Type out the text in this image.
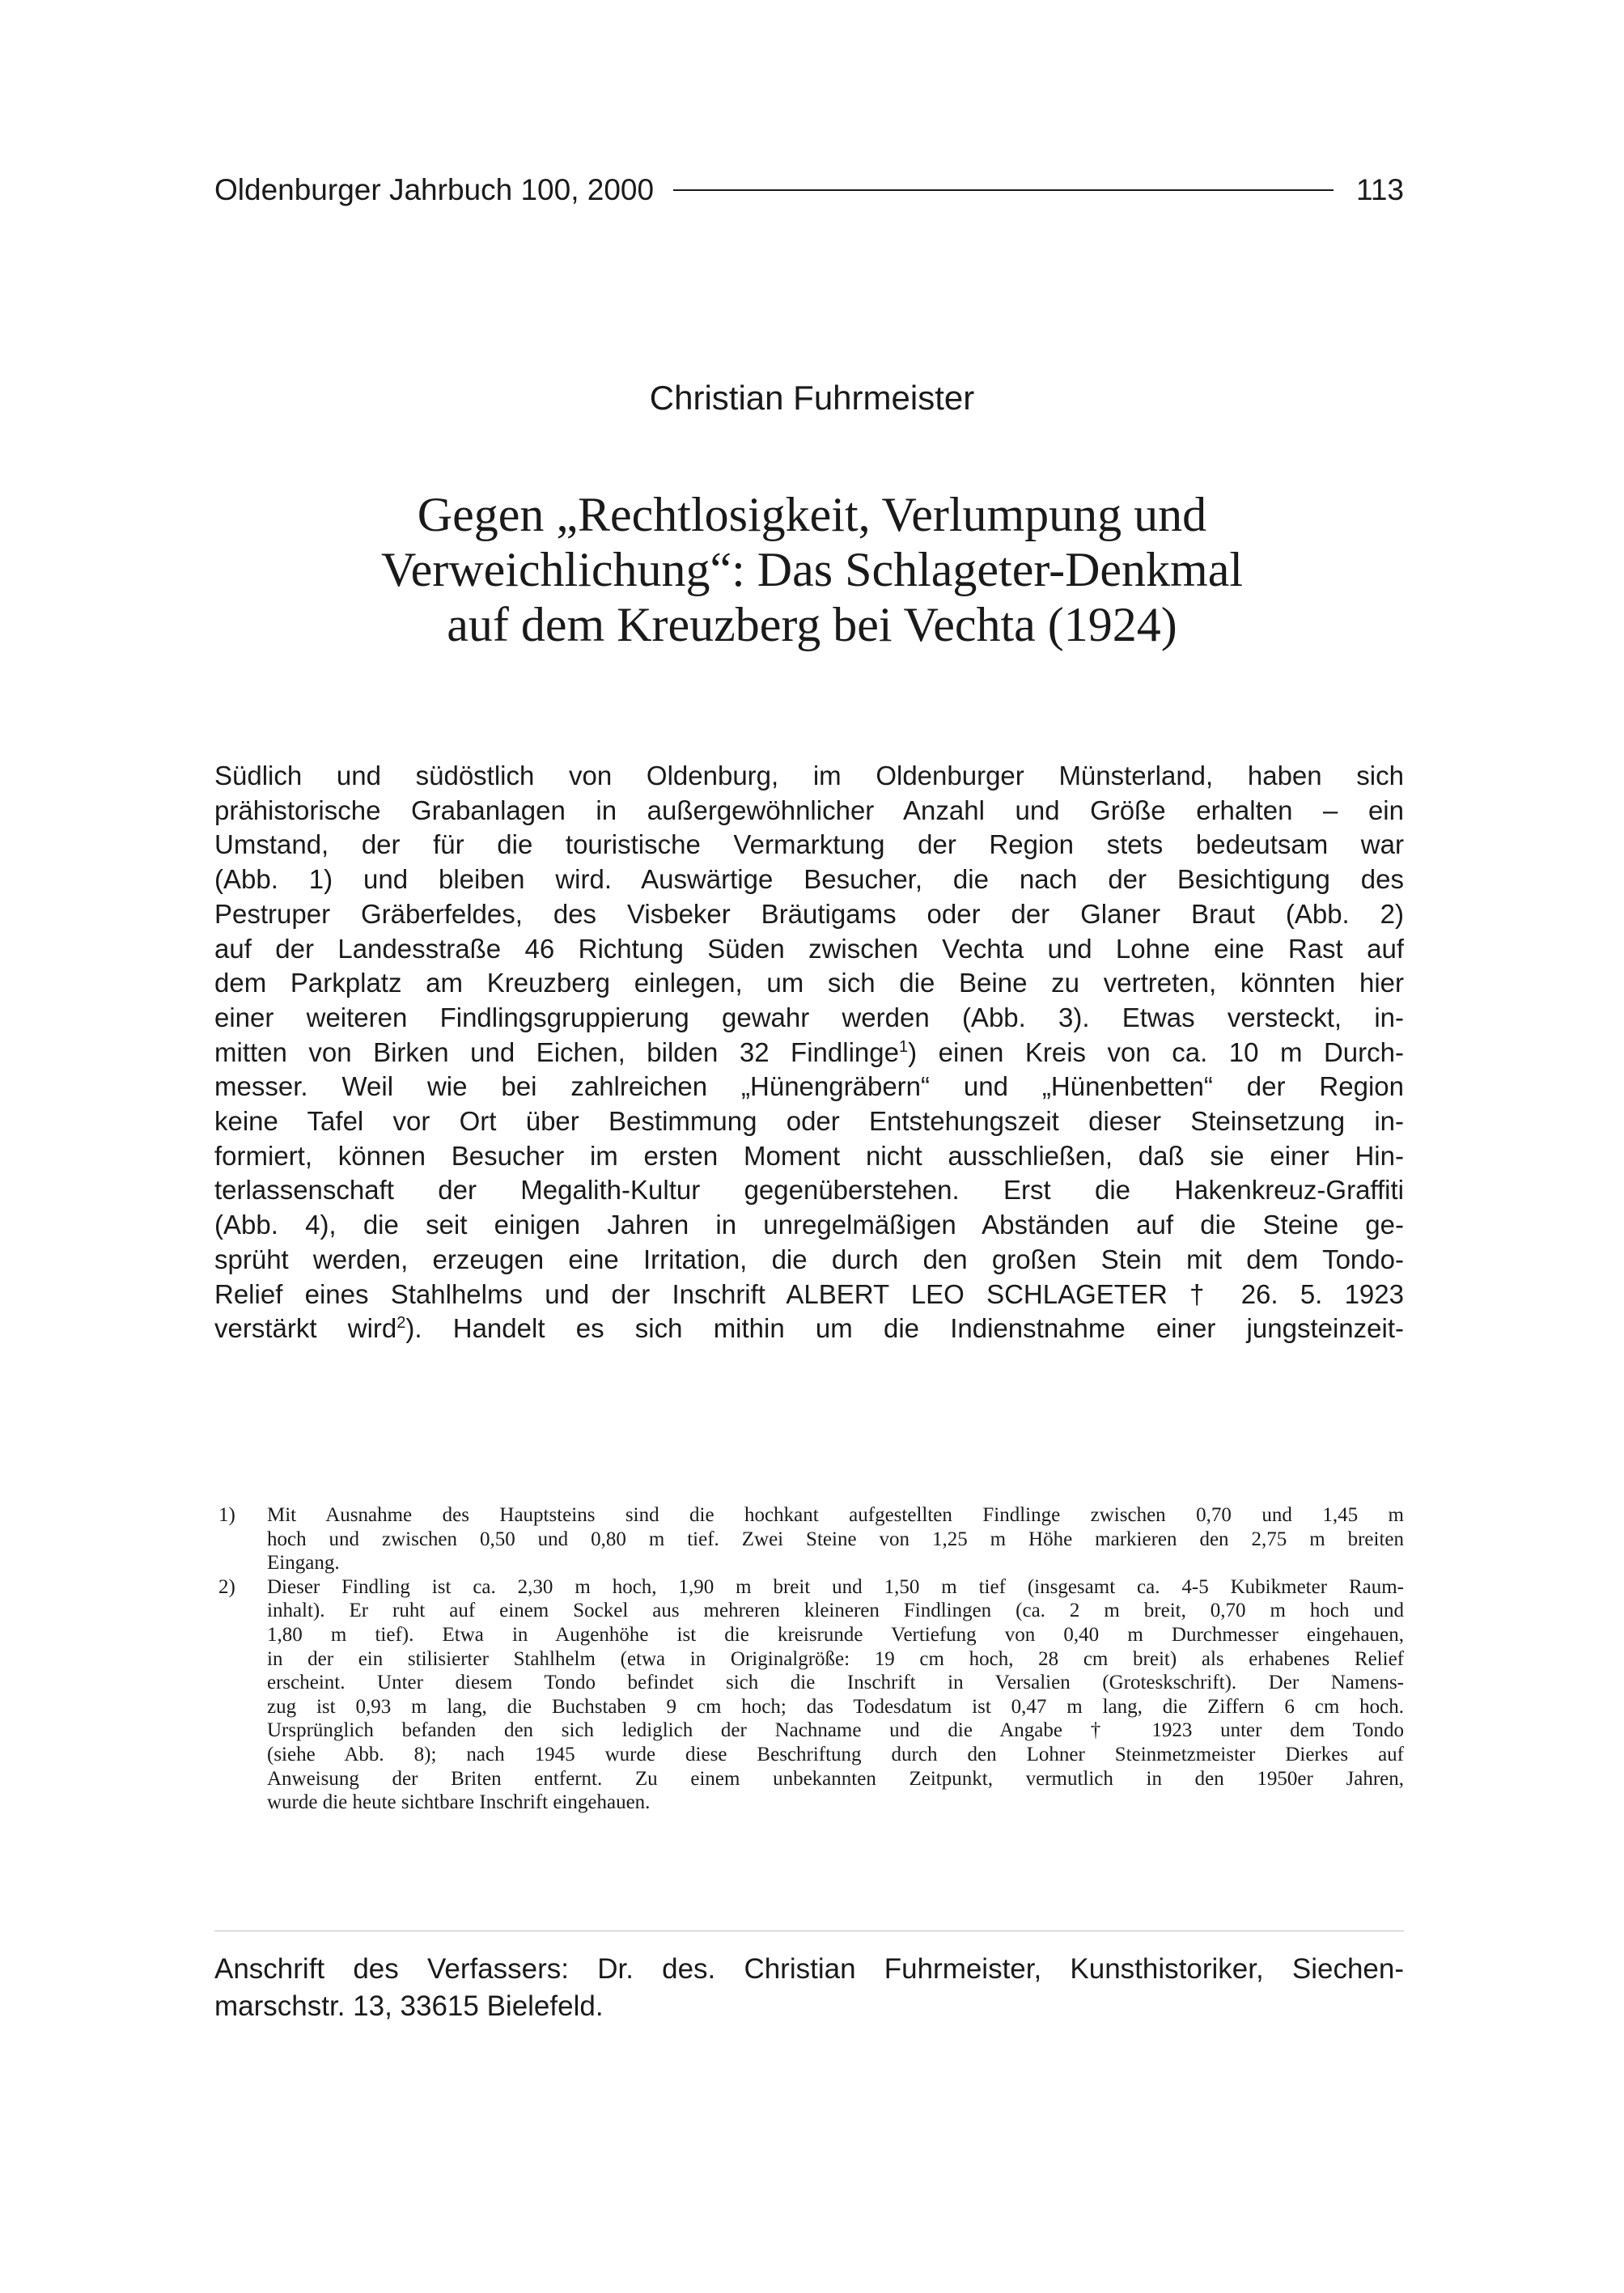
Oldenburger Jahrbuch 100, 2000	113
Christian Fuhrmeister
Gegen „Rechtlosigkeit, Verlumpung und
Verweichlichung“: Das Schlageter-Denkmal
auf dem Kreuzberg bei Vechta (1924)
Südlich und südöstlich von Oldenburg, im Oldenburger Münsterland, haben sich
prähistorische Grabanlagen in außergewöhnlicher Anzahl und Größe erhalten – ein
Umstand, der für die touristische Vermarktung der Region stets bedeutsam war
(Abb. 1) und bleiben wird. Auswärtige Besucher, die nach der Besichtigung des
Pestruper Gräberfeldes, des Visbeker Bräutigams oder der Glaner Braut (Abb. 2)
auf der Landesstraße 46 Richtung Süden zwischen Vechta und Lohne eine Rast auf
dem Parkplatz am Kreuzberg einlegen, um sich die Beine zu vertreten, könnten hier
einer weiteren Findlingsgruppierung gewahr werden (Abb. 3). Etwas versteckt, in-
mitten von Birken und Eichen, bilden 32 Findlinge$^1$) einen Kreis von ca. 10 m Durch-
messer. Weil wie bei zahlreichen „Hünengräbern“ und „Hünenbetten“ der Region
keine Tafel vor Ort über Bestimmung oder Entstehungszeit dieser Steinsetzung in-
formiert, können Besucher im ersten Moment nicht ausschließen, daß sie einer Hin-
terlassenschaft der Megalith-Kultur gegenüberstehen. Erst die Hakenkreuz-Graffiti
(Abb. 4), die seit einigen Jahren in unregelmäßigen Abständen auf die Steine ge-
sprüht werden, erzeugen eine Irritation, die durch den großen Stein mit dem Tondo-
Relief eines Stahlhelms und der Inschrift ALBERT LEO SCHLAGETER † 26. 5. 1923
verstärkt wird$^2$). Handelt es sich mithin um die Indienstnahme einer jungsteinzeit-
1) Mit Ausnahme des Hauptsteins sind die hochkant aufgestellten Findlinge zwischen 0,70 und 1,45 m
hoch und zwischen 0,50 und 0,80 m tief. Zwei Steine von 1,25 m Höhe markieren den 2,75 m breiten
Eingang.
2) Dieser Findling ist ca. 2,30 m hoch, 1,90 m breit und 1,50 m tief (insgesamt ca. 4-5 Kubikmeter Raum-
inhalt). Er ruht auf einem Sockel aus mehreren kleineren Findlingen (ca. 2 m breit, 0,70 m hoch und
1,80 m tief). Etwa in Augenhöhe ist die kreisrunde Vertiefung von 0,40 m Durchmesser eingehauen,
in der ein stilisierter Stahlhelm (etwa in Originalgröße: 19 cm hoch, 28 cm breit) als erhabenes Relief
erscheint. Unter diesem Tondo befindet sich die Inschrift in Versalien (Groteskschrift). Der Namens-
zug ist 0,93 m lang, die Buchstaben 9 cm hoch; das Todesdatum ist 0,47 m lang, die Ziffern 6 cm hoch.
Ursprünglich befanden den sich lediglich der Nachname und die Angabe † 1923 unter dem Tondo
(siehe Abb. 8); nach 1945 wurde diese Beschriftung durch den Lohner Steinmetzmeister Dierkes auf
Anweisung der Briten entfernt. Zu einem unbekannten Zeitpunkt, vermutlich in den 1950er Jahren,
wurde die heute sichtbare Inschrift eingehauen.
Anschrift des Verfassers: Dr. des. Christian Fuhrmeister, Kunsthistoriker, Siechen-
marschstr. 13, 33615 Bielefeld.
